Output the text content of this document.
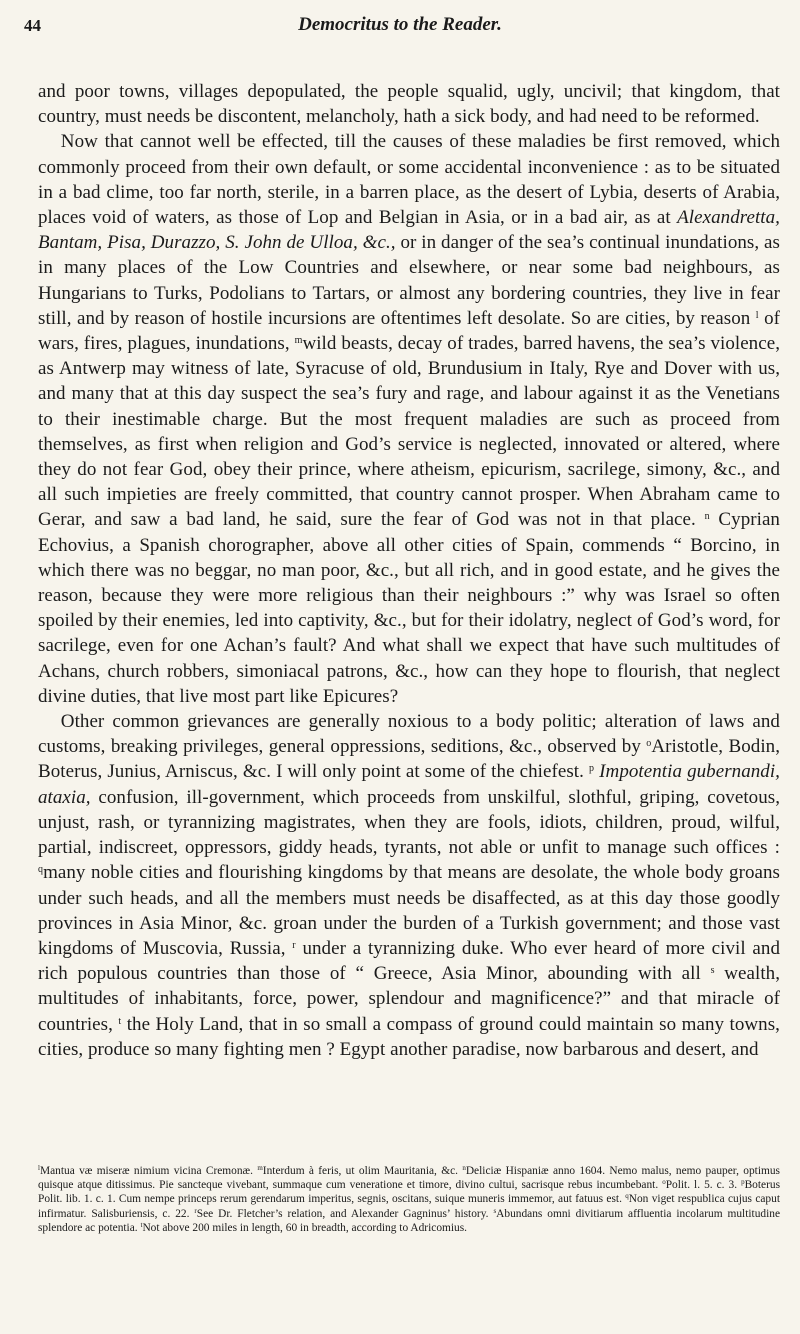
44	Democritus to the Reader.

and poor towns, villages depopulated, the people squalid, ugly, uncivil; that kingdom, that country, must needs be discontent, melancholy, hath a sick body, and had need to be reformed.

Now that cannot well be effected, till the causes of these maladies be first removed, which commonly proceed from their own default, or some accidental inconvenience : as to be situated in a bad clime, too far north, sterile, in a barren place, as the desert of Lybia, deserts of Arabia, places void of waters, as those of Lop and Belgian in Asia, or in a bad air, as at Alexandretta, Bantam, Pisa, Durazzo, S. John de Ulloa, &c., or in danger of the sea’s continual inundations, as in many places of the Low Countries and elsewhere, or near some bad neighbours, as Hungarians to Turks, Podolians to Tartars, or almost any bordering countries, they live in fear still, and by reason of hostile incursions are oftentimes left desolate. So are cities, by reason $^l$ of wars, fires, plagues, inundations, $^m$wild beasts, decay of trades, barred havens, the sea’s violence, as Antwerp may witness of late, Syracuse of old, Brundusium in Italy, Rye and Dover with us, and many that at this day suspect the sea’s fury and rage, and labour against it as the Venetians to their inestimable charge. But the most frequent maladies are such as proceed from themselves, as first when religion and God’s service is neglected, innovated or altered, where they do not fear God, obey their prince, where atheism, epicurism, sacrilege, simony, &c., and all such impieties are freely committed, that country cannot prosper. When Abraham came to Gerar, and saw a bad land, he said, sure the fear of God was not in that place. $^n$ Cyprian Echovius, a Spanish chorographer, above all other cities of Spain, commends “ Borcino, in which there was no beggar, no man poor, &c., but all rich, and in good estate, and he gives the reason, because they were more religious than their neighbours :” why was Israel so often spoiled by their enemies, led into captivity, &c., but for their idolatry, neglect of God’s word, for sacrilege, even for one Achan’s fault? And what shall we expect that have such multitudes of Achans, church robbers, simoniacal patrons, &c., how can they hope to flourish, that neglect divine duties, that live most part like Epicures?

Other common grievances are generally noxious to a body politic; alteration of laws and customs, breaking privileges, general oppressions, seditions, &c., observed by $^o$Aristotle, Bodin, Boterus, Junius, Arniscus, &c. I will only point at some of the chiefest. $^p$ Impotentia gubernandi, ataxia, confusion, ill-government, which proceeds from unskilful, slothful, griping, covetous, unjust, rash, or tyrannizing magistrates, when they are fools, idiots, children, proud, wilful, partial, indiscreet, oppressors, giddy heads, tyrants, not able or unfit to manage such offices : $^q$many noble cities and flourishing kingdoms by that means are desolate, the whole body groans under such heads, and all the members must needs be disaffected, as at this day those goodly provinces in Asia Minor, &c. groan under the burden of a Turkish government; and those vast kingdoms of Muscovia, Russia, $^r$ under a tyrannizing duke. Who ever heard of more civil and rich populous countries than those of “ Greece, Asia Minor, abounding with all $^s$ wealth, multitudes of inhabitants, force, power, splendour and magnificence?” and that miracle of countries, $^t$ the Holy Land, that in so small a compass of ground could maintain so many towns, cities, produce so many fighting men ? Egypt another paradise, now barbarous and desert, and

$^l$Mantua væ miseræ nimium vicina Cremonæ. $^m$Interdum à feris, ut olim Mauritania, &c. $^n$Deliciæ Hispaniæ anno 1604. Nemo malus, nemo pauper, optimus quisque atque ditissimus. Pie sancteque vivebant, summaque cum veneratione et timore, divino cultui, sacrisque rebus incumbebant. $^o$Polit. l. 5. c. 3. $^p$Boterus Polit. lib. 1. c. 1. Cum nempe princeps rerum gerendarum imperitus, segnis, oscitans, suique muneris immemor, aut fatuus est. $^q$Non viget respublica cujus caput infirmatur. Salisburiensis, c. 22. $^r$See Dr. Fletcher’s relation, and Alexander Gagninus’ history. $^s$Abundans omni divitiarum affluentia incolarum multitudine splendore ac potentia. $^t$Not above 200 miles in length, 60 in breadth, according to Adricomius.
